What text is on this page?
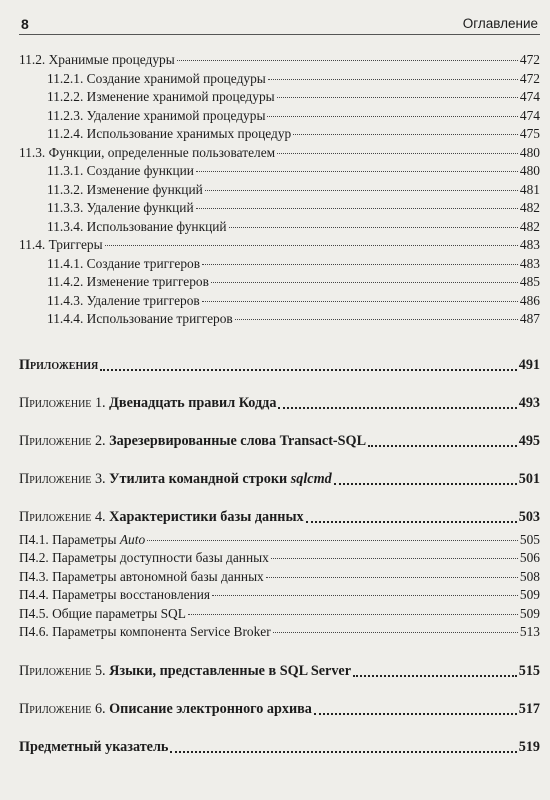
8	Оглавление
11.2. Хранимые процедуры	472
11.2.1. Создание хранимой процедуры	472
11.2.2. Изменение хранимой процедуры	474
11.2.3. Удаление хранимой процедуры	474
11.2.4. Использование хранимых процедур	475
11.3. Функции, определенные пользователем	480
11.3.1. Создание функции	480
11.3.2. Изменение функций	481
11.3.3. Удаление функций	482
11.3.4. Использование функций	482
11.4. Триггеры	483
11.4.1. Создание триггеров	483
11.4.2. Изменение триггеров	485
11.4.3. Удаление триггеров	486
11.4.4. Использование триггеров	487
Приложения	491
Приложение 1. Двенадцать правил Кодда	493
Приложение 2. Зарезервированные слова Transact-SQL	495
Приложение 3. Утилита командной строки sqlcmd	501
Приложение 4. Характеристики базы данных	503
П4.1. Параметры Auto	505
П4.2. Параметры доступности базы данных	506
П4.3. Параметры автономной базы данных	508
П4.4. Параметры восстановления	509
П4.5. Общие параметры SQL	509
П4.6. Параметры компонента Service Broker	513
Приложение 5. Языки, представленные в SQL Server	515
Приложение 6. Описание электронного архива	517
Предметный указатель	519
